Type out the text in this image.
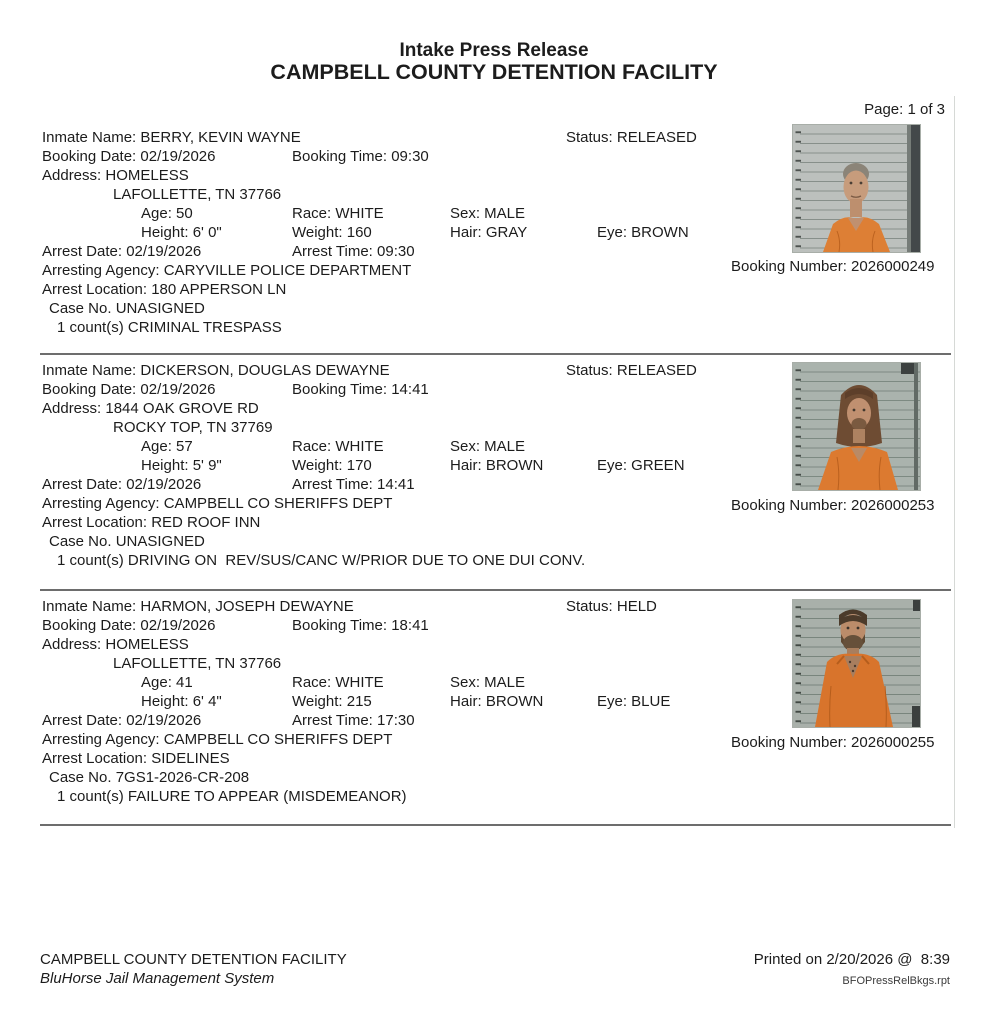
Intake Press Release
CAMPBELL COUNTY DETENTION FACILITY
Page: 1 of 3
Inmate Name: BERRY, KEVIN WAYNE	Status: RELEASED
Booking Date: 02/19/2026	Booking Time: 09:30
Address: HOMELESS
LAFOLLETTE, TN 37766
Age: 50	Race: WHITE	Sex: MALE
Height: 6' 0"	Weight: 160	Hair: GRAY	Eye: BROWN
Arrest Date: 02/19/2026	Arrest Time: 09:30
Arresting Agency: CARYVILLE POLICE DEPARTMENT
Arrest Location: 180 APPERSON LN
Case No. UNASIGNED
1 count(s) CRIMINAL TRESPASS
Booking Number: 2026000249
Inmate Name: DICKERSON, DOUGLAS DEWAYNE	Status: RELEASED
Booking Date: 02/19/2026	Booking Time: 14:41
Address: 1844 OAK GROVE RD
ROCKY TOP, TN 37769
Age: 57	Race: WHITE	Sex: MALE
Height: 5' 9"	Weight: 170	Hair: BROWN	Eye: GREEN
Arrest Date: 02/19/2026	Arrest Time: 14:41
Arresting Agency: CAMPBELL CO SHERIFFS DEPT
Arrest Location: RED ROOF INN
Case No. UNASIGNED
1 count(s) DRIVING ON  REV/SUS/CANC W/PRIOR DUE TO ONE DUI CONV.
Booking Number: 2026000253
Inmate Name: HARMON, JOSEPH DEWAYNE	Status: HELD
Booking Date: 02/19/2026	Booking Time: 18:41
Address: HOMELESS
LAFOLLETTE, TN 37766
Age: 41	Race: WHITE	Sex: MALE
Height: 6' 4"	Weight: 215	Hair: BROWN	Eye: BLUE
Arrest Date: 02/19/2026	Arrest Time: 17:30
Arresting Agency: CAMPBELL CO SHERIFFS DEPT
Arrest Location: SIDELINES
Case No. 7GS1-2026-CR-208
1 count(s) FAILURE TO APPEAR (MISDEMEANOR)
Booking Number: 2026000255
CAMPBELL COUNTY DETENTION FACILITY
BluHorse Jail Management System
Printed on 2/20/2026 @  8:39
BFOPressRelBkgs.rpt
